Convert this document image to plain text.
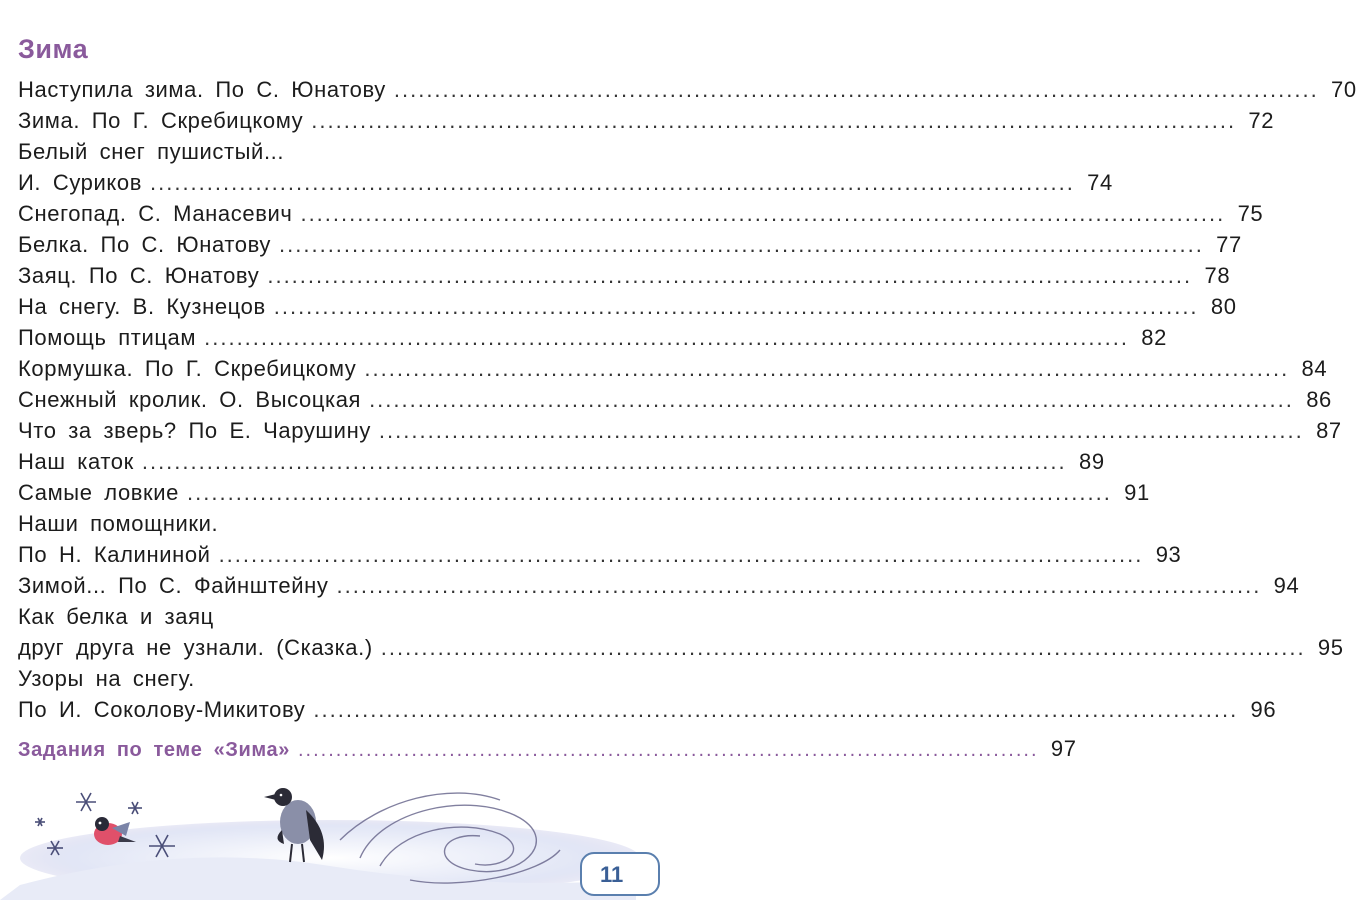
Зима
Наступила зима. По С. Юнатову .................................................................................................................. 70
Зима. По Г. Скребицкому .................................................................................................................. 72
Белый снег пушистый...
И. Суриков .................................................................................................................. 74
Снегопад. С. Манасевич .................................................................................................................. 75
Белка. По С. Юнатову .................................................................................................................. 77
Заяц. По С. Юнатову .................................................................................................................. 78
На снегу. В. Кузнецов .................................................................................................................. 80
Помощь птицам .................................................................................................................. 82
Кормушка. По Г. Скребицкому .................................................................................................................. 84
Снежный кролик. О. Высоцкая .................................................................................................................. 86
Что за зверь? По Е. Чарушину .................................................................................................................. 87
Наш каток .................................................................................................................. 89
Самые ловкие .................................................................................................................. 91
Наши помощники.
По Н. Калининой .................................................................................................................. 93
Зимой... По С. Файнштейну .................................................................................................................. 94
Как белка и заяц
друг друга не узнали. (Сказка.) .................................................................................................................. 95
Узоры на снегу.
По И. Соколову-Микитову .................................................................................................................. 96
Задания по теме «Зима» .................................................................................................. 97
11
